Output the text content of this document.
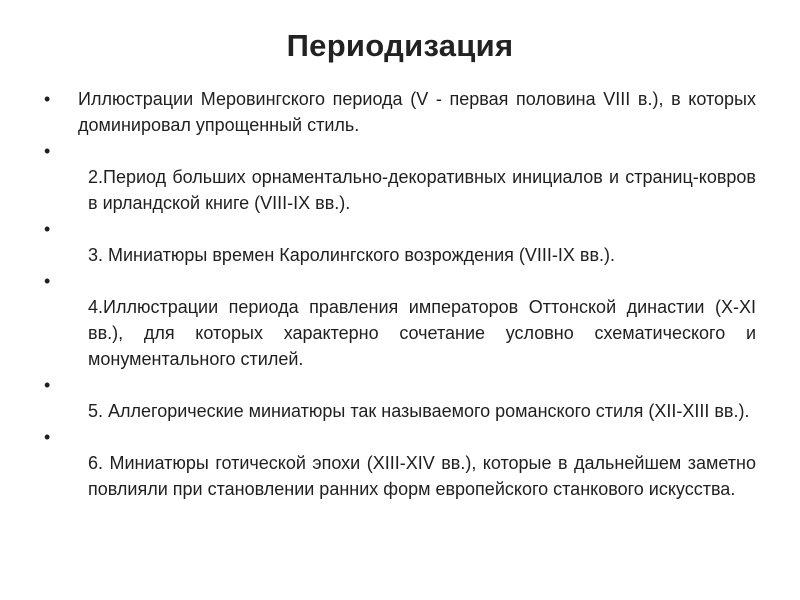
Периодизация
• Иллюстрации Меровингского периода (V - первая половина VIII в.), в которых доминировал упрощенный стиль.
•
2.Период больших орнаментально-декоративных инициалов и страниц-ковров в ирландской книге (VIII-IX вв.).
•
3. Миниатюры времен Каролингского возрождения (VIII-IX вв.).
•
4.Иллюстрации периода правления императоров Оттонской династии (X-XI вв.), для которых характерно сочетание условно схематического и монументального стилей.
•
5. Аллегорические миниатюры так называемого романского стиля (XII-XIII вв.).
•
6. Миниатюры готической эпохи (XIII-XIV вв.), которые в дальнейшем заметно повлияли при становлении ранних форм европейского станкового искусства.
